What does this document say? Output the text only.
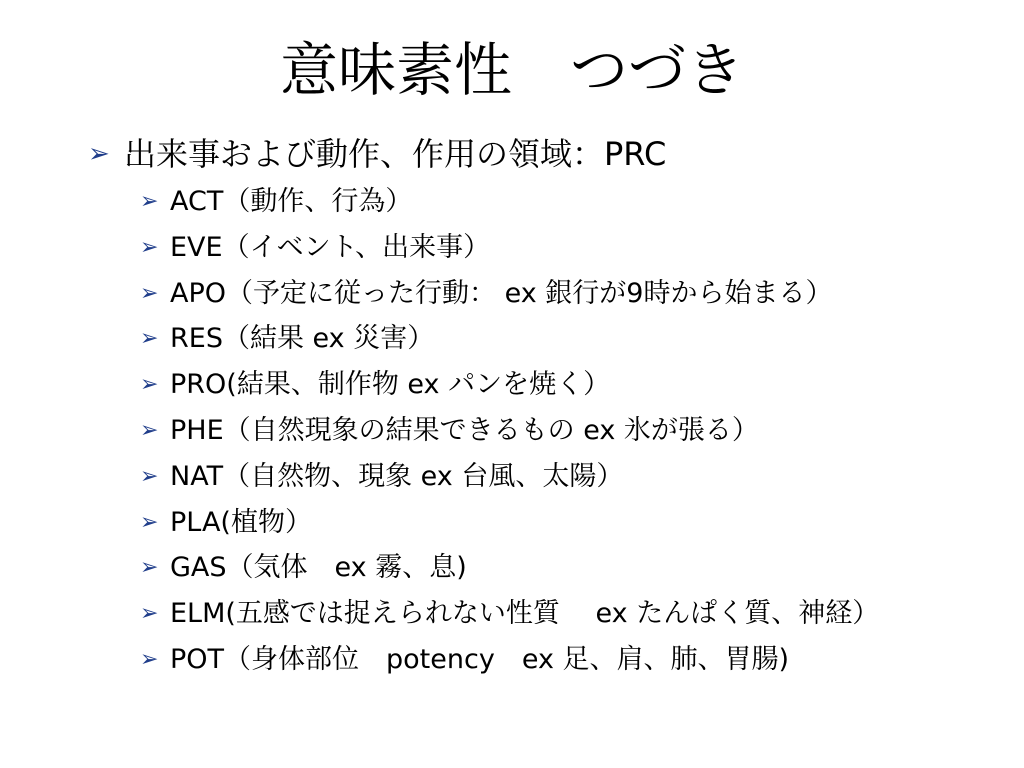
意味素性　つづき
➢ 出来事および動作、作用の領域：PRC
➢ ACT（動作、行為）
➢ EVE（イベント、出来事）
➢ APO（予定に従った行動： ex 銀行が9時から始まる）
➢ RES（結果 ex 災害）
➢ PRO(結果、制作物 ex パンを焼く）
➢ PHE（自然現象の結果できるもの ex 氷が張る）
➢ NAT（自然物、現象 ex 台風、太陽）
➢ PLA(植物）
➢ GAS（気体　ex 霧、息)
➢ ELM(五感では捉えられない性質　 ex たんぱく質、神経）
➢ POT（身体部位　potency　ex 足、肩、肺、胃腸)
